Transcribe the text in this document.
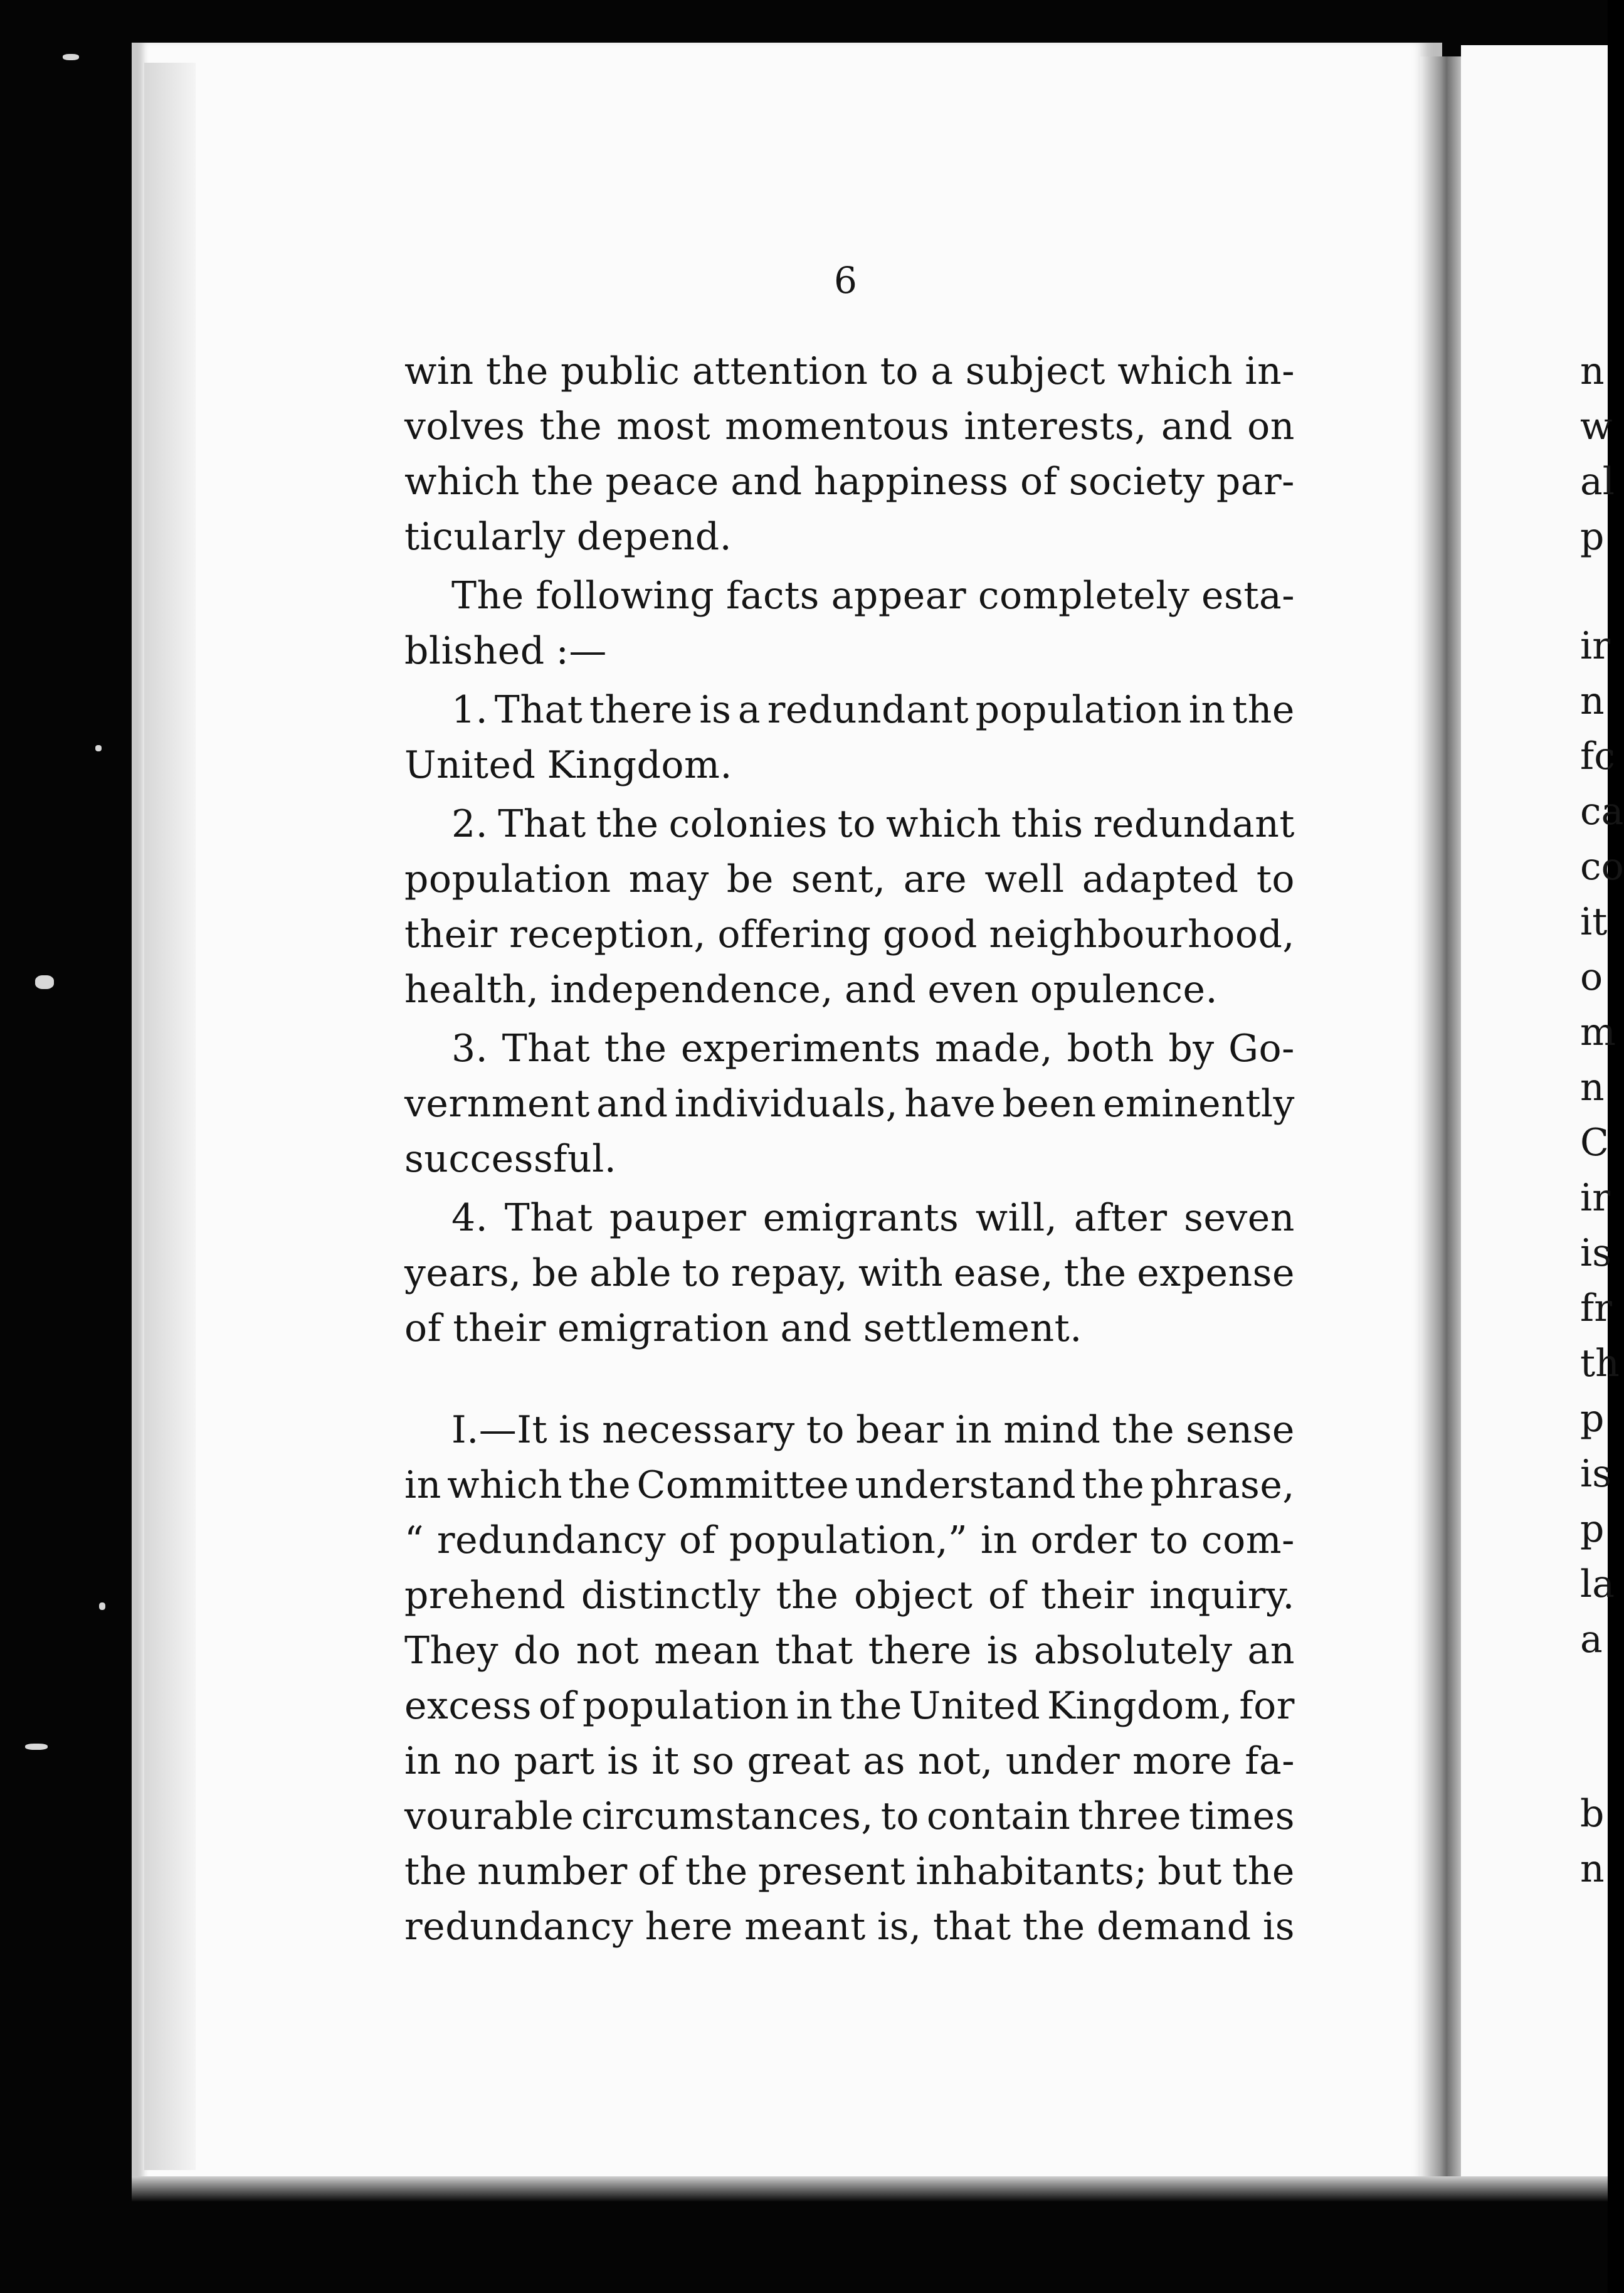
6
win the public attention to a subject which in-
volves the most momentous interests, and on
which the peace and happiness of society par-
ticularly depend.
The following facts appear completely esta-
blished :—
1. That there is a redundant population in the
United Kingdom.
2. That the colonies to which this redundant
population may be sent, are well adapted to
their reception, offering good neighbourhood,
health, independence, and even opulence.
3. That the experiments made, both by Go-
vernment and individuals, have been eminently
successful.
4. That pauper emigrants will, after seven
years, be able to repay, with ease, the expense
of their emigration and settlement.
I.—It is necessary to bear in mind the sense
in which the Committee understand the phrase,
“ redundancy of population,” in order to com-
prehend distinctly the object of their inquiry.
They do not mean that there is absolutely an
excess of population in the United Kingdom, for
in no part is it so great as not, under more fa-
vourable circumstances, to contain three times
the number of the present inhabitants; but the
redundancy here meant is, that the demand is
n
w
al
p
ir
n
fc
ca
co
it
o
m
n
C
ir
is
fr
th
p
is
p
la
a
b
n
